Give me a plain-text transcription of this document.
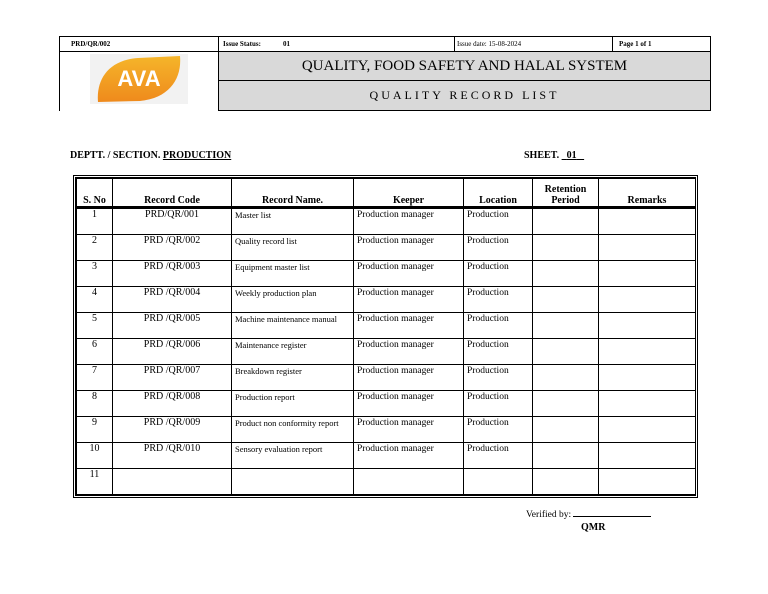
PRD/QR/002	Issue Status: 01	Issue date: 15-08-2024	Page 1 of 1

AVA	QUALITY, FOOD SAFETY AND HALAL SYSTEM		
	QUALITY RECORD LIST		
DEPTT. / SECTION. PRODUCTION	SHEET. 01
S. No	Record Code	Record Name.	Keeper	Location	Retention Period	Remarks
1	PRD/QR/001	Master list	Production manager	Production		
2	PRD /QR/002	Quality record list	Production manager	Production		
3	PRD /QR/003	Equipment master list	Production manager	Production		
4	PRD /QR/004	Weekly production plan	Production manager	Production		
5	PRD /QR/005	Machine maintenance manual	Production manager	Production		
6	PRD /QR/006	Maintenance register	Production manager	Production		
7	PRD /QR/007	Breakdown register	Production manager	Production		
8	PRD /QR/008	Production report	Production manager	Production		
9	PRD /QR/009	Product non conformity report	Production manager	Production		
10	PRD /QR/010	Sensory evaluation report	Production manager	Production		
11						
Verified by:
QMR
